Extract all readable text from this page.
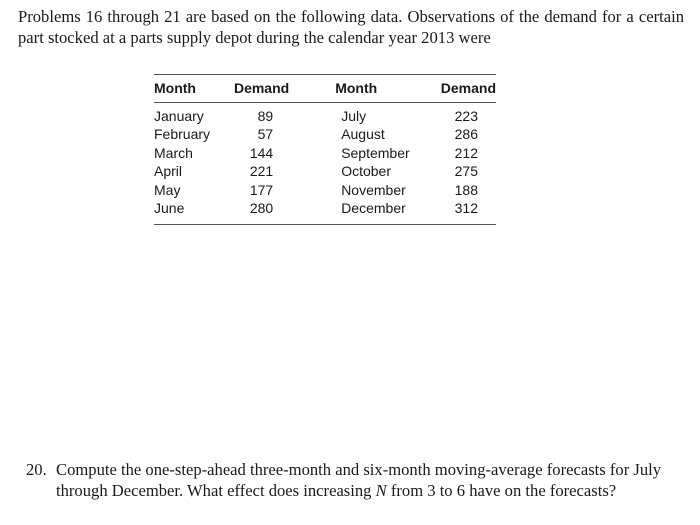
Problems 16 through 21 are based on the following data. Observations of the demand for a certain part stocked at a parts supply depot during the calendar year 2013 were

Month	Demand	Month	Demand
January	89	July	223
February	57	August	286
March	144	September	212
April	221	October	275
May	177	November	188
June	280	December	312

20. Compute the one-step-ahead three-month and six-month moving-average forecasts for July through December. What effect does increasing N from 3 to 6 have on the forecasts?
